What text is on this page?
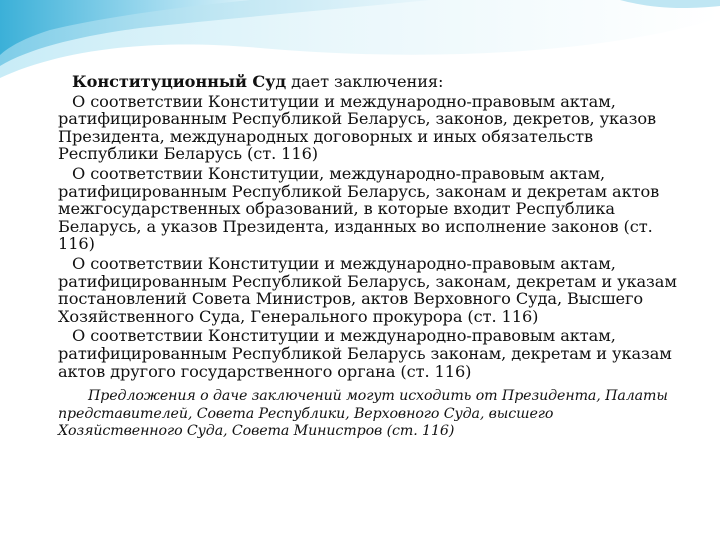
Конституционный Суд дает заключения:

О соответствии Конституции и международно-правовым актам, ратифицированным Республикой Беларусь, законов, декретов, указов Президента, международных договорных и иных обязательств Республики Беларусь (ст. 116)

О соответствии Конституции, международно-правовым актам, ратифицированным Республикой Беларусь, законам и декретам актов межгосударственных образований, в которые входит Республика Беларусь, а указов Президента, изданных во исполнение законов (ст. 116)

О соответствии Конституции и международно-правовым актам, ратифицированным Республикой Беларусь, законам, декретам и указам постановлений Совета Министров, актов Верховного Суда, Высшего Хозяйственного Суда, Генерального прокурора (ст. 116)

О соответствии Конституции и международно-правовым актам, ратифицированным Республикой Беларусь законам, декретам и указам актов другого государственного органа (ст. 116)

Предложения о даче заключений могут исходить от Президента, Палаты представителей, Совета Республики, Верховного Суда, высшего Хозяйственного Суда, Совета Министров (ст. 116)
